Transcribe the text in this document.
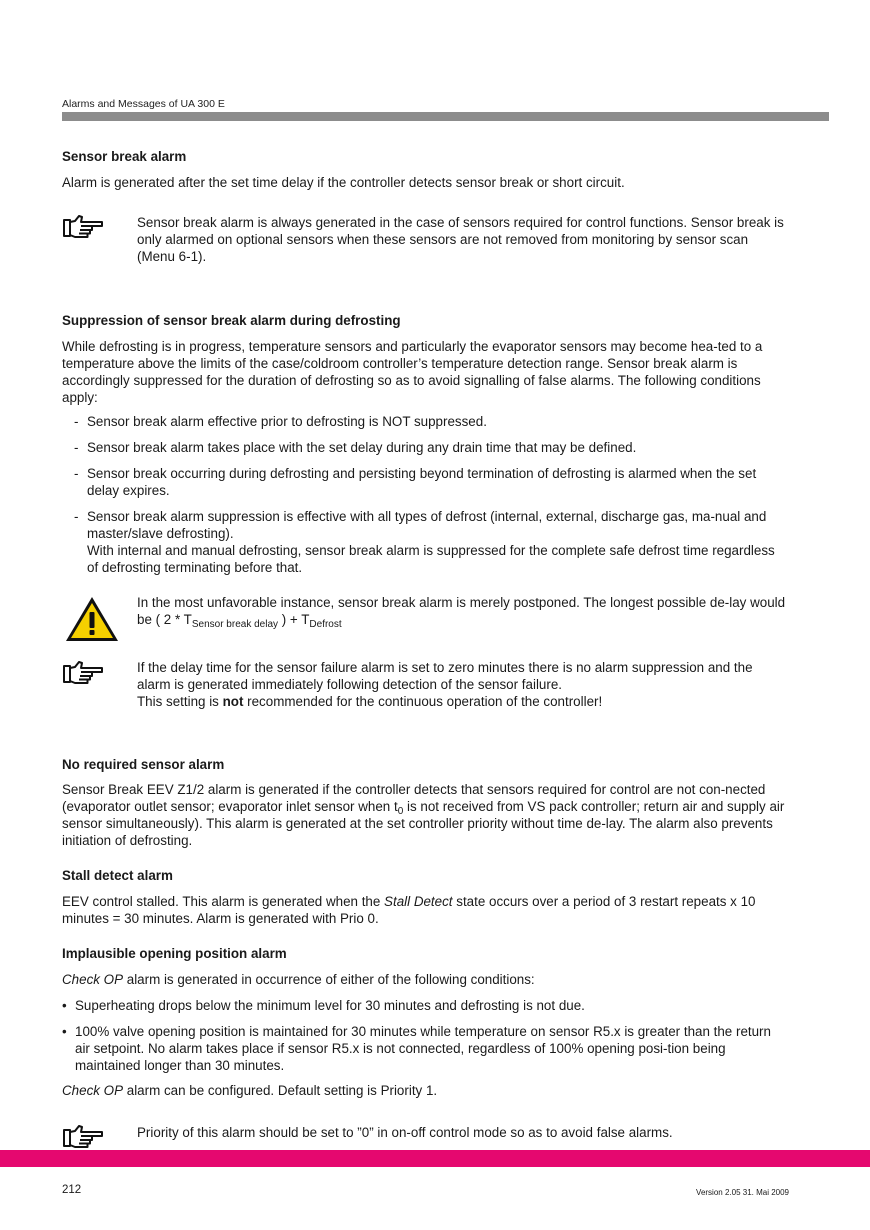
Alarms and Messages of UA 300 E
Sensor break alarm
Alarm is generated after the set time delay if the controller detects sensor break or short circuit.
Sensor break alarm is always generated in the case of sensors required for control functions. Sensor break is only alarmed on optional sensors when these sensors are not removed from monitoring by sensor scan (Menu 6-1).
Suppression of sensor break alarm during defrosting
While defrosting is in progress, temperature sensors and particularly the evaporator sensors may become hea-ted to a temperature above the limits of the case/coldroom controller’s temperature detection range. Sensor break alarm is accordingly suppressed for the duration of defrosting so as to avoid signalling of false alarms. The following conditions apply:
- Sensor break alarm effective prior to defrosting is NOT suppressed.
- Sensor break alarm takes place with the set delay during any drain time that may be defined.
- Sensor break occurring during defrosting and persisting beyond termination of defrosting is alarmed when the set delay expires.
- Sensor break alarm suppression is effective with all types of defrost (internal, external, discharge gas, ma-nual and master/slave defrosting).
With internal and manual defrosting, sensor break alarm is suppressed for the complete safe defrost time regardless of defrosting terminating before that.
In the most unfavorable instance, sensor break alarm is merely postponed. The longest possible de-lay would be ( $2 * T_{Sensor break delay}$ ) + $T_{Defrost}$
If the delay time for the sensor failure alarm is set to zero minutes there is no alarm suppression and the alarm is generated immediately following detection of the sensor failure.
This setting is not recommended for the continuous operation of the controller!
No required sensor alarm
Sensor Break EEV Z1/2 alarm is generated if the controller detects that sensors required for control are not con-nected (evaporator outlet sensor; evaporator inlet sensor when $t_0$ is not received from VS pack controller; return air and supply air sensor simultaneously). This alarm is generated at the set controller priority without time de-lay. The alarm also prevents initiation of defrosting.
Stall detect alarm
EEV control stalled. This alarm is generated when the Stall Detect state occurs over a period of 3 restart repeats x 10 minutes = 30 minutes. Alarm is generated with Prio 0.
Implausible opening position alarm
Check OP alarm is generated in occurrence of either of the following conditions:
• Superheating drops below the minimum level for 30 minutes and defrosting is not due.
• 100% valve opening position is maintained for 30 minutes while temperature on sensor R5.x is greater than the return air setpoint. No alarm takes place if sensor R5.x is not connected, regardless of 100% opening posi-tion being maintained longer than 30 minutes.
Check OP alarm can be configured. Default setting is Priority 1.
Priority of this alarm should be set to ”0” in on-off control mode so as to avoid false alarms.
212	Version 2.05 31. Mai 2009
